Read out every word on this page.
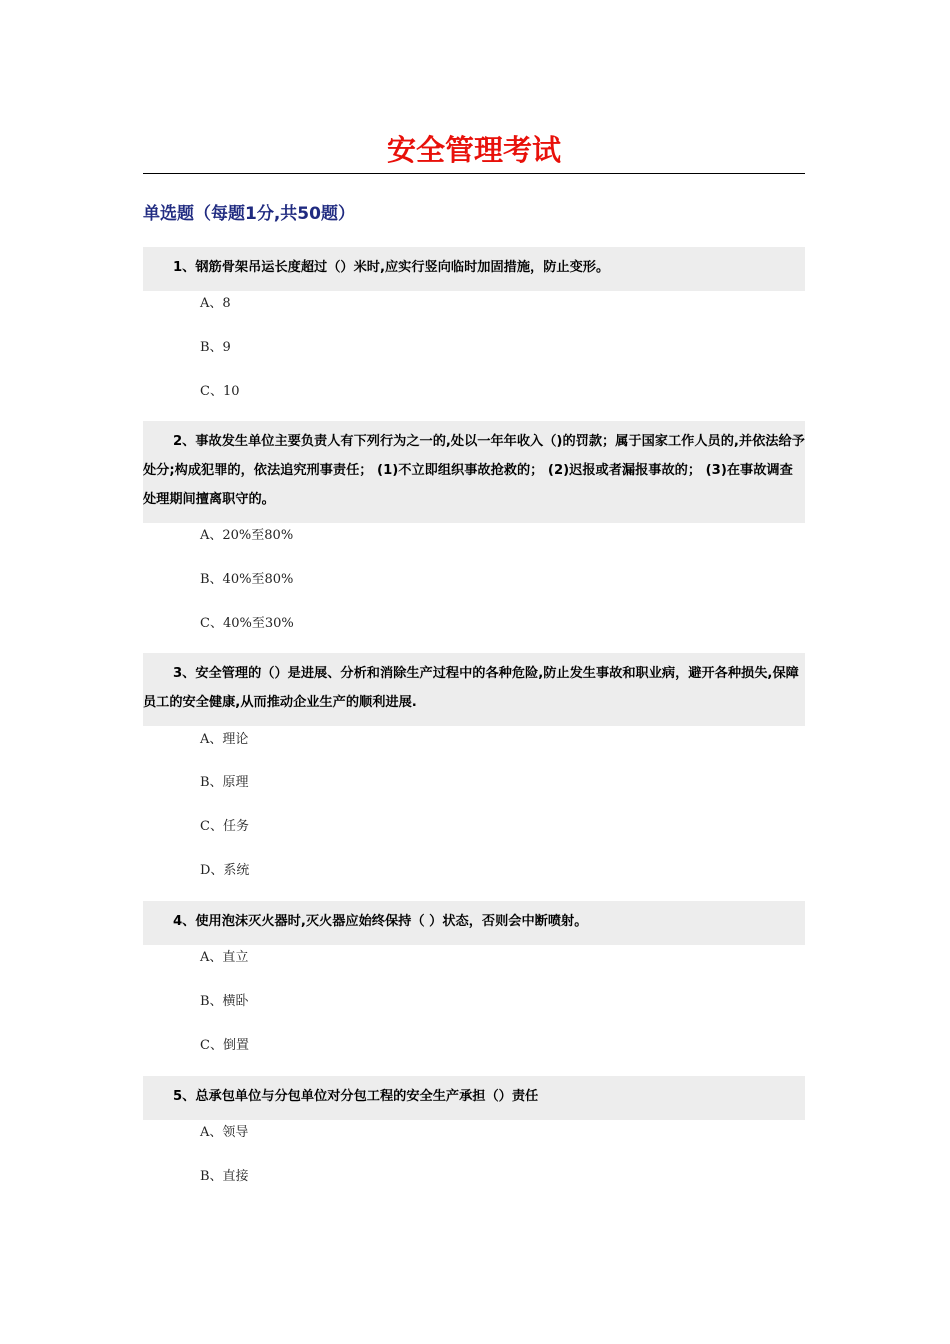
安全管理考试
单选题（每题1分,共50题）

1、钢筋骨架吊运长度超过（）米时,应实行竖向临时加固措施，防止变形。

A、8

B、9

C、10

2、事故发生单位主要负责人有下列行为之一的,处以一年年收入（)的罚款；属于国家工作人员的,并依法给予处分;构成犯罪的，依法追究刑事责任； (1)不立即组织事故抢救的； (2)迟报或者漏报事故的； (3)在事故调查处理期间擅离职守的。

A、20%至80%

B、40%至80%

C、40%至30%

3、安全管理的（）是进展、分析和消除生产过程中的各种危险,防止发生事故和职业病，避开各种损失,保障员工的安全健康,从而推动企业生产的顺利进展.

A、理论

B、原理

C、任务

D、系统

4、使用泡沫灭火器时,灭火器应始终保持（ ）状态，否则会中断喷射。

A、直立

B、横卧

C、倒置

5、总承包单位与分包单位对分包工程的安全生产承担（）责任

A、领导

B、直接
